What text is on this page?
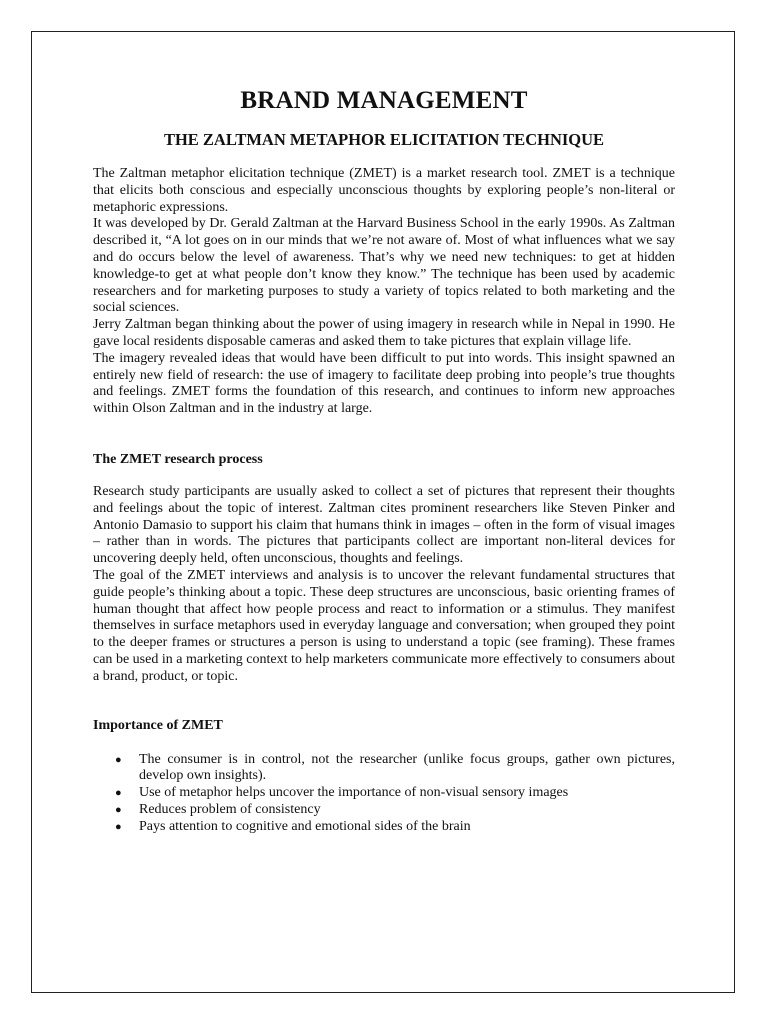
BRAND MANAGEMENT
THE ZALTMAN METAPHOR ELICITATION TECHNIQUE

The Zaltman metaphor elicitation technique (ZMET) is a market research tool. ZMET is a technique that elicits both conscious and especially unconscious thoughts by exploring people’s non-literal or metaphoric expressions.

It was developed by Dr. Gerald Zaltman at the Harvard Business School in the early 1990s. As Zaltman described it, “A lot goes on in our minds that we’re not aware of. Most of what influences what we say and do occurs below the level of awareness. That’s why we need new techniques: to get at hidden knowledge-to get at what people don’t know they know.” The technique has been used by academic researchers and for marketing purposes to study a variety of topics related to both marketing and the social sciences.

Jerry Zaltman began thinking about the power of using imagery in research while in Nepal in 1990. He gave local residents disposable cameras and asked them to take pictures that explain village life.

The imagery revealed ideas that would have been difficult to put into words. This insight spawned an entirely new field of research: the use of imagery to facilitate deep probing into people’s true thoughts and feelings. ZMET forms the foundation of this research, and continues to inform new approaches within Olson Zaltman and in the industry at large.

The ZMET research process

Research study participants are usually asked to collect a set of pictures that represent their thoughts and feelings about the topic of interest. Zaltman cites prominent researchers like Steven Pinker and Antonio Damasio to support his claim that humans think in images – often in the form of visual images – rather than in words. The pictures that participants collect are important non-literal devices for uncovering deeply held, often unconscious, thoughts and feelings.

The goal of the ZMET interviews and analysis is to uncover the relevant fundamental structures that guide people’s thinking about a topic. These deep structures are unconscious, basic orienting frames of human thought that affect how people process and react to information or a stimulus. They manifest themselves in surface metaphors used in everyday language and conversation; when grouped they point to the deeper frames or structures a person is using to understand a topic (see framing). These frames can be used in a marketing context to help marketers communicate more effectively to consumers about a brand, product, or topic.

Importance of ZMET
● The consumer is in control, not the researcher (unlike focus groups, gather own pictures, develop own insights).
● Use of metaphor helps uncover the importance of non-visual sensory images
● Reduces problem of consistency
● Pays attention to cognitive and emotional sides of the brain
